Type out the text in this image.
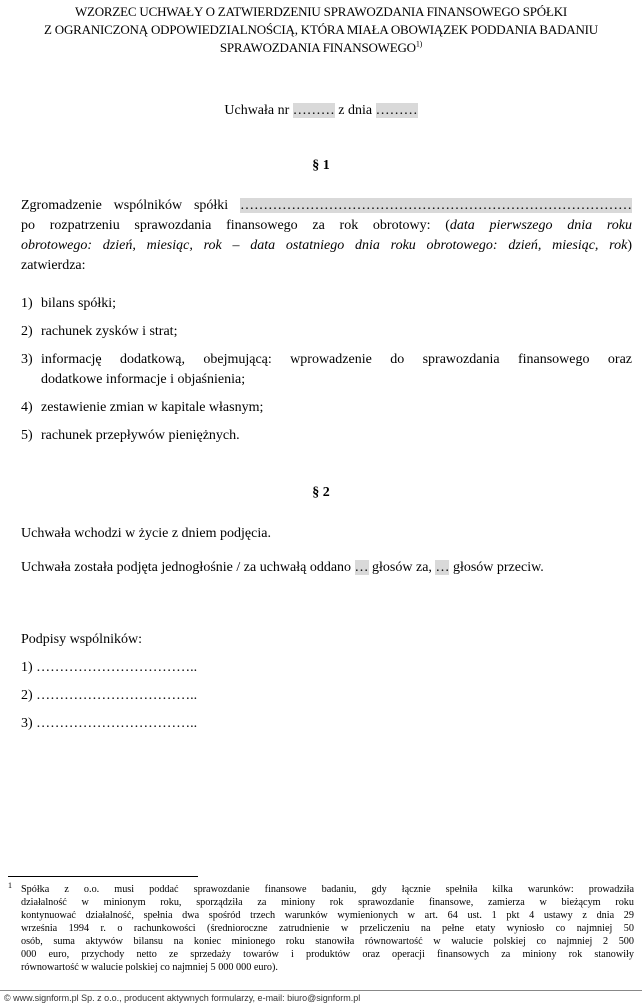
WZORZEC UCHWAŁY O ZATWIERDZENIU SPRAWOZDANIA FINANSOWEGO SPÓŁKI
Z OGRANICZONĄ ODPOWIEDZIALNOŚCIĄ, KTÓRA MIAŁA OBOWIĄZEK PODDANIA BADANIU
SPRAWOZDANIA FINANSOWEGO$^{1)}$
Uchwała nr ……… z dnia ………
§ 1
Zgromadzenie wspólników spółki …………………………………………………………………………
po rozpatrzeniu sprawozdania finansowego za rok obrotowy: (data pierwszego dnia roku
obrotowego: dzień, miesiąc, rok – data ostatniego dnia roku obrotowego: dzień, miesiąc, rok)
zatwierdza:
1) bilans spółki;
2) rachunek zysków i strat;
3) informację dodatkową, obejmującą: wprowadzenie do sprawozdania finansowego oraz
dodatkowe informacje i objaśnienia;
4) zestawienie zmian w kapitale własnym;
5) rachunek przepływów pieniężnych.
§ 2
Uchwała wchodzi w życie z dniem podjęcia.
Uchwała została podjęta jednogłośnie / za uchwałą oddano … głosów za, … głosów przeciw.
Podpisy wspólników:
1) ……………………………..
2) ……………………………..
3) ……………………………..
1 Spółka z o.o. musi poddać sprawozdanie finansowe badaniu, gdy łącznie spełniła kilka warunków: prowadziła
działalność w minionym roku, sporządziła za miniony rok sprawozdanie finansowe, zamierza w bieżącym roku
kontynuować działalność, spełnia dwa spośród trzech warunków wymienionych w art. 64 ust. 1 pkt 4 ustawy z dnia 29
września 1994 r. o rachunkowości (średnioroczne zatrudnienie w przeliczeniu na pełne etaty wyniosło co najmniej 50
osób, suma aktywów bilansu na koniec minionego roku stanowiła równowartość w walucie polskiej co najmniej 2 500
000 euro, przychody netto ze sprzedaży towarów i produktów oraz operacji finansowych za miniony rok stanowiły
równowartość w walucie polskiej co najmniej 5 000 000 euro).
© www.signform.pl Sp. z o.o., producent aktywnych formularzy, e-mail: biuro@signform.pl
